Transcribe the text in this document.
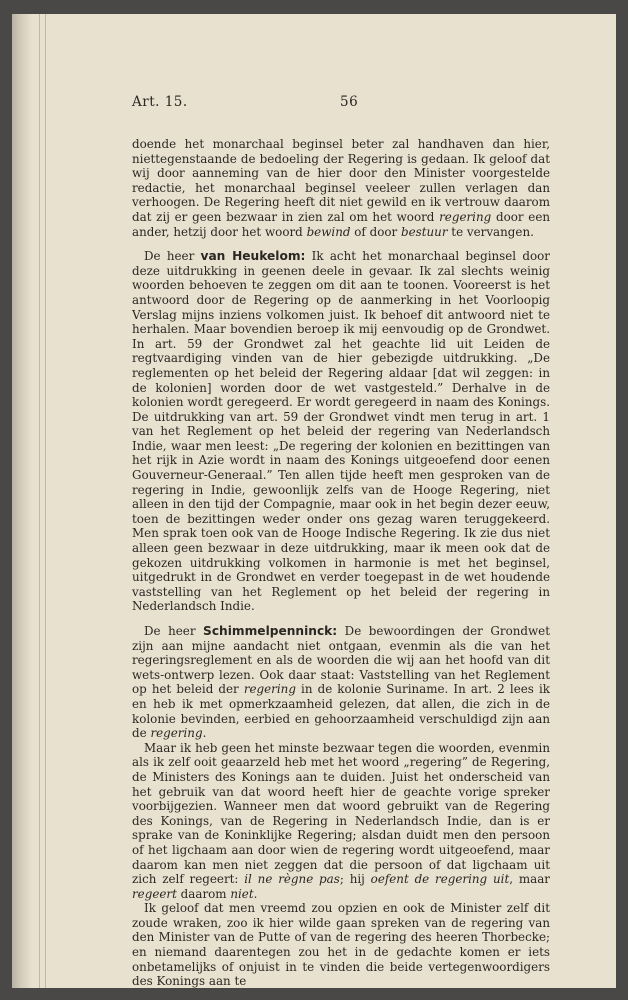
Art. 15.	56

doende het monarchaal beginsel beter zal handhaven dan hier, niettegenstaande de bedoeling der Regering is gedaan. Ik geloof dat wij door aanneming van de hier door den Minister voorgestelde redactie, het monarchaal beginsel veeleer zullen verlagen dan verhoogen. De Regering heeft dit niet gewild en ik vertrouw daarom dat zij er geen bezwaar in zien zal om het woord regering door een ander, hetzij door het woord bewind of door bestuur te vervangen.

De heer van Heukelom: Ik acht het monarchaal beginsel door deze uitdrukking in geenen deele in gevaar. Ik zal slechts weinig woorden behoeven te zeggen om dit aan te toonen. Vooreerst is het antwoord door de Regering op de aanmerking in het Voorloopig Verslag mijns inziens volkomen juist. Ik behoef dit antwoord niet te herhalen. Maar bovendien beroep ik mij eenvoudig op de Grondwet. In art. 59 der Grondwet zal het geachte lid uit Leiden de regtvaardiging vinden van de hier gebezigde uitdrukking. „De reglementen op het beleid der Regering aldaar [dat wil zeggen: in de kolonien] worden door de wet vastgesteld.” Derhalve in de kolonien wordt geregeerd. Er wordt geregeerd in naam des Konings. De uitdrukking van art. 59 der Grondwet vindt men terug in art. 1 van het Reglement op het beleid der regering van Nederlandsch Indie, waar men leest: „De regering der kolonien en bezittingen van het rijk in Azie wordt in naam des Konings uitgeoefend door eenen Gouverneur-Generaal.” Ten allen tijde heeft men gesproken van de regering in Indie, gewoonlijk zelfs van de Hooge Regering, niet alleen in den tijd der Compagnie, maar ook in het begin dezer eeuw, toen de bezittingen weder onder ons gezag waren teruggekeerd. Men sprak toen ook van de Hooge Indische Regering. Ik zie dus niet alleen geen bezwaar in deze uitdrukking, maar ik meen ook dat de gekozen uitdrukking volkomen in harmonie is met het beginsel, uitgedrukt in de Grondwet en verder toegepast in de wet houdende vaststelling van het Reglement op het beleid der regering in Nederlandsch Indie.

De heer Schimmelpenninck: De bewoordingen der Grondwet zijn aan mijne aandacht niet ontgaan, evenmin als die van het regeringsreglement en als de woorden die wij aan het hoofd van dit wets-ontwerp lezen. Ook daar staat: Vaststelling van het Reglement op het beleid der regering in de kolonie Suriname. In art. 2 lees ik en heb ik met opmerkzaamheid gelezen, dat allen, die zich in de kolonie bevinden, eerbied en gehoorzaamheid verschuldigd zijn aan de regering.

Maar ik heb geen het minste bezwaar tegen die woorden, evenmin als ik zelf ooit geaarzeld heb met het woord „regering” de Regering, de Ministers des Konings aan te duiden. Juist het onderscheid van het gebruik van dat woord heeft hier de geachte vorige spreker voorbijgezien. Wanneer men dat woord gebruikt van de Regering des Konings, van de Regering in Nederlandsch Indie, dan is er sprake van de Koninklijke Regering; alsdan duidt men den persoon of het ligchaam aan door wien de regering wordt uitgeoefend, maar daarom kan men niet zeggen dat die persoon of dat ligchaam uit zich zelf regeert: il ne règne pas; hij oefent de regering uit, maar regeert daarom niet.

Ik geloof dat men vreemd zou opzien en ook de Minister zelf dit zoude wraken, zoo ik hier wilde gaan spreken van de regering van den Minister van de Putte of van de regering des heeren Thorbecke; en niemand daarentegen zou het in de gedachte komen er iets onbetamelijks of onjuist in te vinden die beide vertegenwoordigers des Konings aan te
